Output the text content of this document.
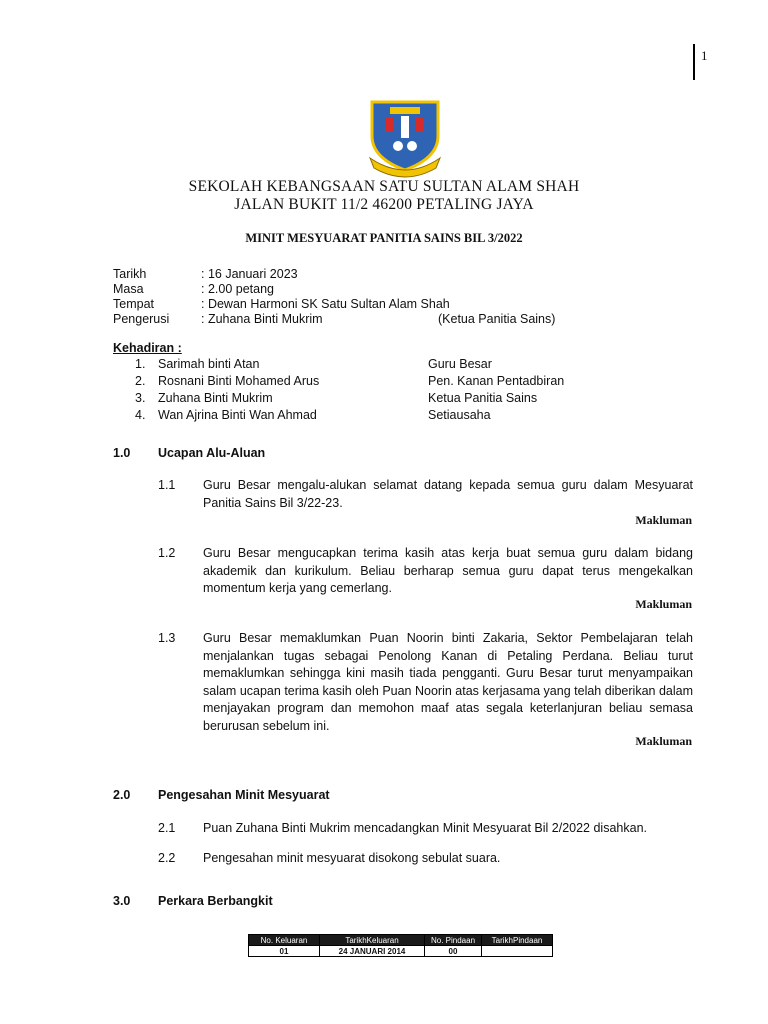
1
SEKOLAH KEBANGSAAN SATU SULTAN ALAM SHAH
JALAN BUKIT 11/2 46200 PETALING JAYA
MINIT MESYUARAT PANITIA SAINS BIL 3/2022
Tarikh	: 16 Januari 2023
Masa	: 2.00 petang
Tempat	: Dewan Harmoni SK Satu Sultan Alam Shah
Pengerusi	: Zuhana Binti Mukrim	(Ketua Panitia Sains)
Kehadiran :
1. Sarimah binti Atan	Guru Besar
2. Rosnani Binti Mohamed Arus	Pen. Kanan Pentadbiran
3. Zuhana Binti Mukrim	Ketua Panitia Sains
4. Wan Ajrina Binti Wan Ahmad	Setiausaha
1.0 Ucapan Alu-Aluan
1.1 Guru Besar mengalu-alukan selamat datang kepada semua guru dalam Mesyuarat Panitia Sains Bil 3/22-23.
Makluman
1.2 Guru Besar mengucapkan terima kasih atas kerja buat semua guru dalam bidang akademik dan kurikulum. Beliau berharap semua guru dapat terus mengekalkan momentum kerja yang cemerlang.
Makluman
1.3 Guru Besar memaklumkan Puan Noorin binti Zakaria, Sektor Pembelajaran telah menjalankan tugas sebagai Penolong Kanan di Petaling Perdana. Beliau turut memaklumkan sehingga kini masih tiada pengganti. Guru Besar turut menyampaikan salam ucapan terima kasih oleh Puan Noorin atas kerjasama yang telah diberikan dalam menjayakan program dan memohon maaf atas segala keterlanjuran beliau semasa berurusan sebelum ini.
Makluman
2.0 Pengesahan Minit Mesyuarat
2.1 Puan Zuhana Binti Mukrim mencadangkan Minit Mesyuarat Bil 2/2022 disahkan.
2.2 Pengesahan minit mesyuarat disokong sebulat suara.
3.0 Perkara Berbangkit
No. Keluaran	TarikhKeluaran	No. Pindaan	TarikhPindaan
01	24 JANUARI 2014	00	
